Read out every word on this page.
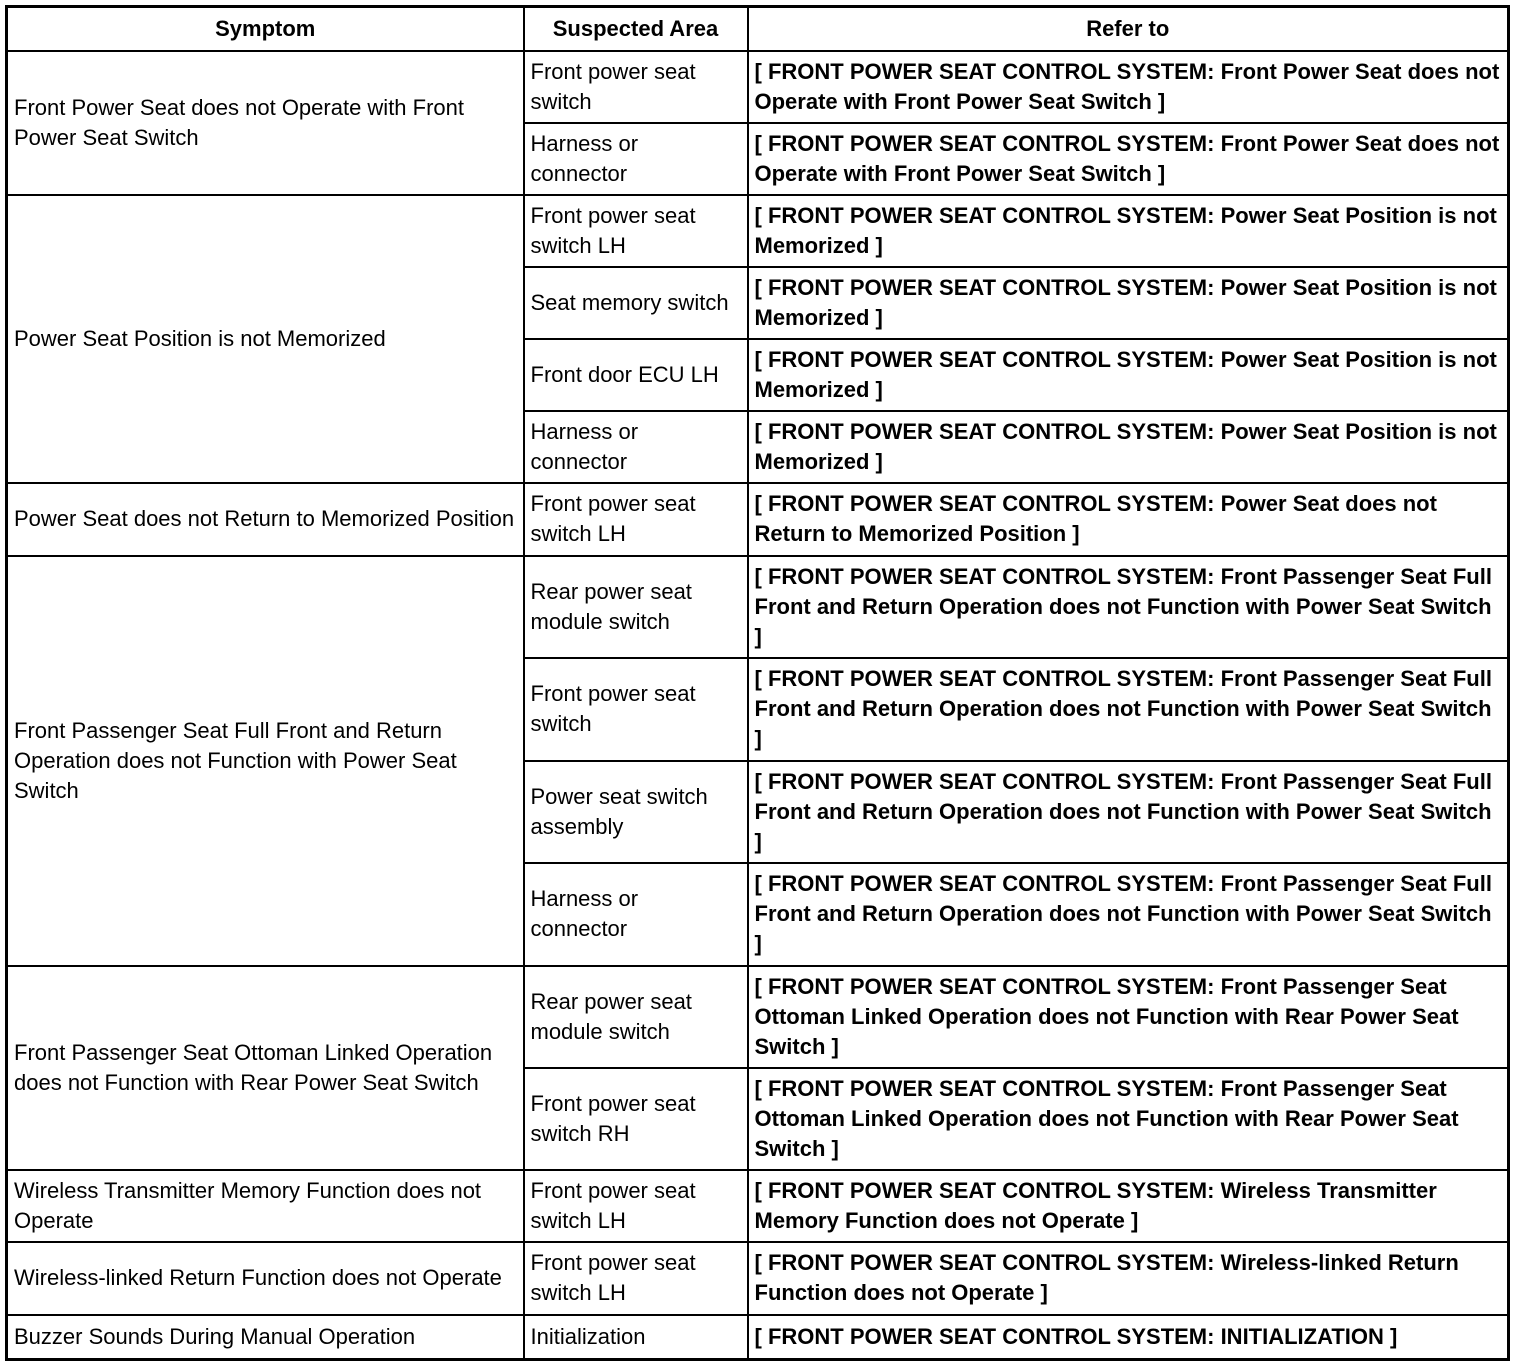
Symptom	Suspected Area	Refer to
Front Power Seat does not Operate with Front Power Seat Switch	Front power seat switch	[ FRONT POWER SEAT CONTROL SYSTEM: Front Power Seat does not Operate with Front Power Seat Switch ]
	Harness or connector	[ FRONT POWER SEAT CONTROL SYSTEM: Front Power Seat does not Operate with Front Power Seat Switch ]
Power Seat Position is not Memorized	Front power seat switch LH	[ FRONT POWER SEAT CONTROL SYSTEM: Power Seat Position is not Memorized ]
	Seat memory switch	[ FRONT POWER SEAT CONTROL SYSTEM: Power Seat Position is not Memorized ]
	Front door ECU LH	[ FRONT POWER SEAT CONTROL SYSTEM: Power Seat Position is not Memorized ]
	Harness or connector	[ FRONT POWER SEAT CONTROL SYSTEM: Power Seat Position is not Memorized ]
Power Seat does not Return to Memorized Position	Front power seat switch LH	[ FRONT POWER SEAT CONTROL SYSTEM: Power Seat does not Return to Memorized Position ]
Front Passenger Seat Full Front and Return Operation does not Function with Power Seat Switch	Rear power seat module switch	[ FRONT POWER SEAT CONTROL SYSTEM: Front Passenger Seat Full Front and Return Operation does not Function with Power Seat Switch ]
	Front power seat switch	[ FRONT POWER SEAT CONTROL SYSTEM: Front Passenger Seat Full Front and Return Operation does not Function with Power Seat Switch ]
	Power seat switch assembly	[ FRONT POWER SEAT CONTROL SYSTEM: Front Passenger Seat Full Front and Return Operation does not Function with Power Seat Switch ]
	Harness or connector	[ FRONT POWER SEAT CONTROL SYSTEM: Front Passenger Seat Full Front and Return Operation does not Function with Power Seat Switch ]
Front Passenger Seat Ottoman Linked Operation does not Function with Rear Power Seat Switch	Rear power seat module switch	[ FRONT POWER SEAT CONTROL SYSTEM: Front Passenger Seat Ottoman Linked Operation does not Function with Rear Power Seat Switch ]
	Front power seat switch RH	[ FRONT POWER SEAT CONTROL SYSTEM: Front Passenger Seat Ottoman Linked Operation does not Function with Rear Power Seat Switch ]
Wireless Transmitter Memory Function does not Operate	Front power seat switch LH	[ FRONT POWER SEAT CONTROL SYSTEM: Wireless Transmitter Memory Function does not Operate ]
Wireless-linked Return Function does not Operate	Front power seat switch LH	[ FRONT POWER SEAT CONTROL SYSTEM: Wireless-linked Return Function does not Operate ]
Buzzer Sounds During Manual Operation	Initialization	[ FRONT POWER SEAT CONTROL SYSTEM: INITIALIZATION ]
